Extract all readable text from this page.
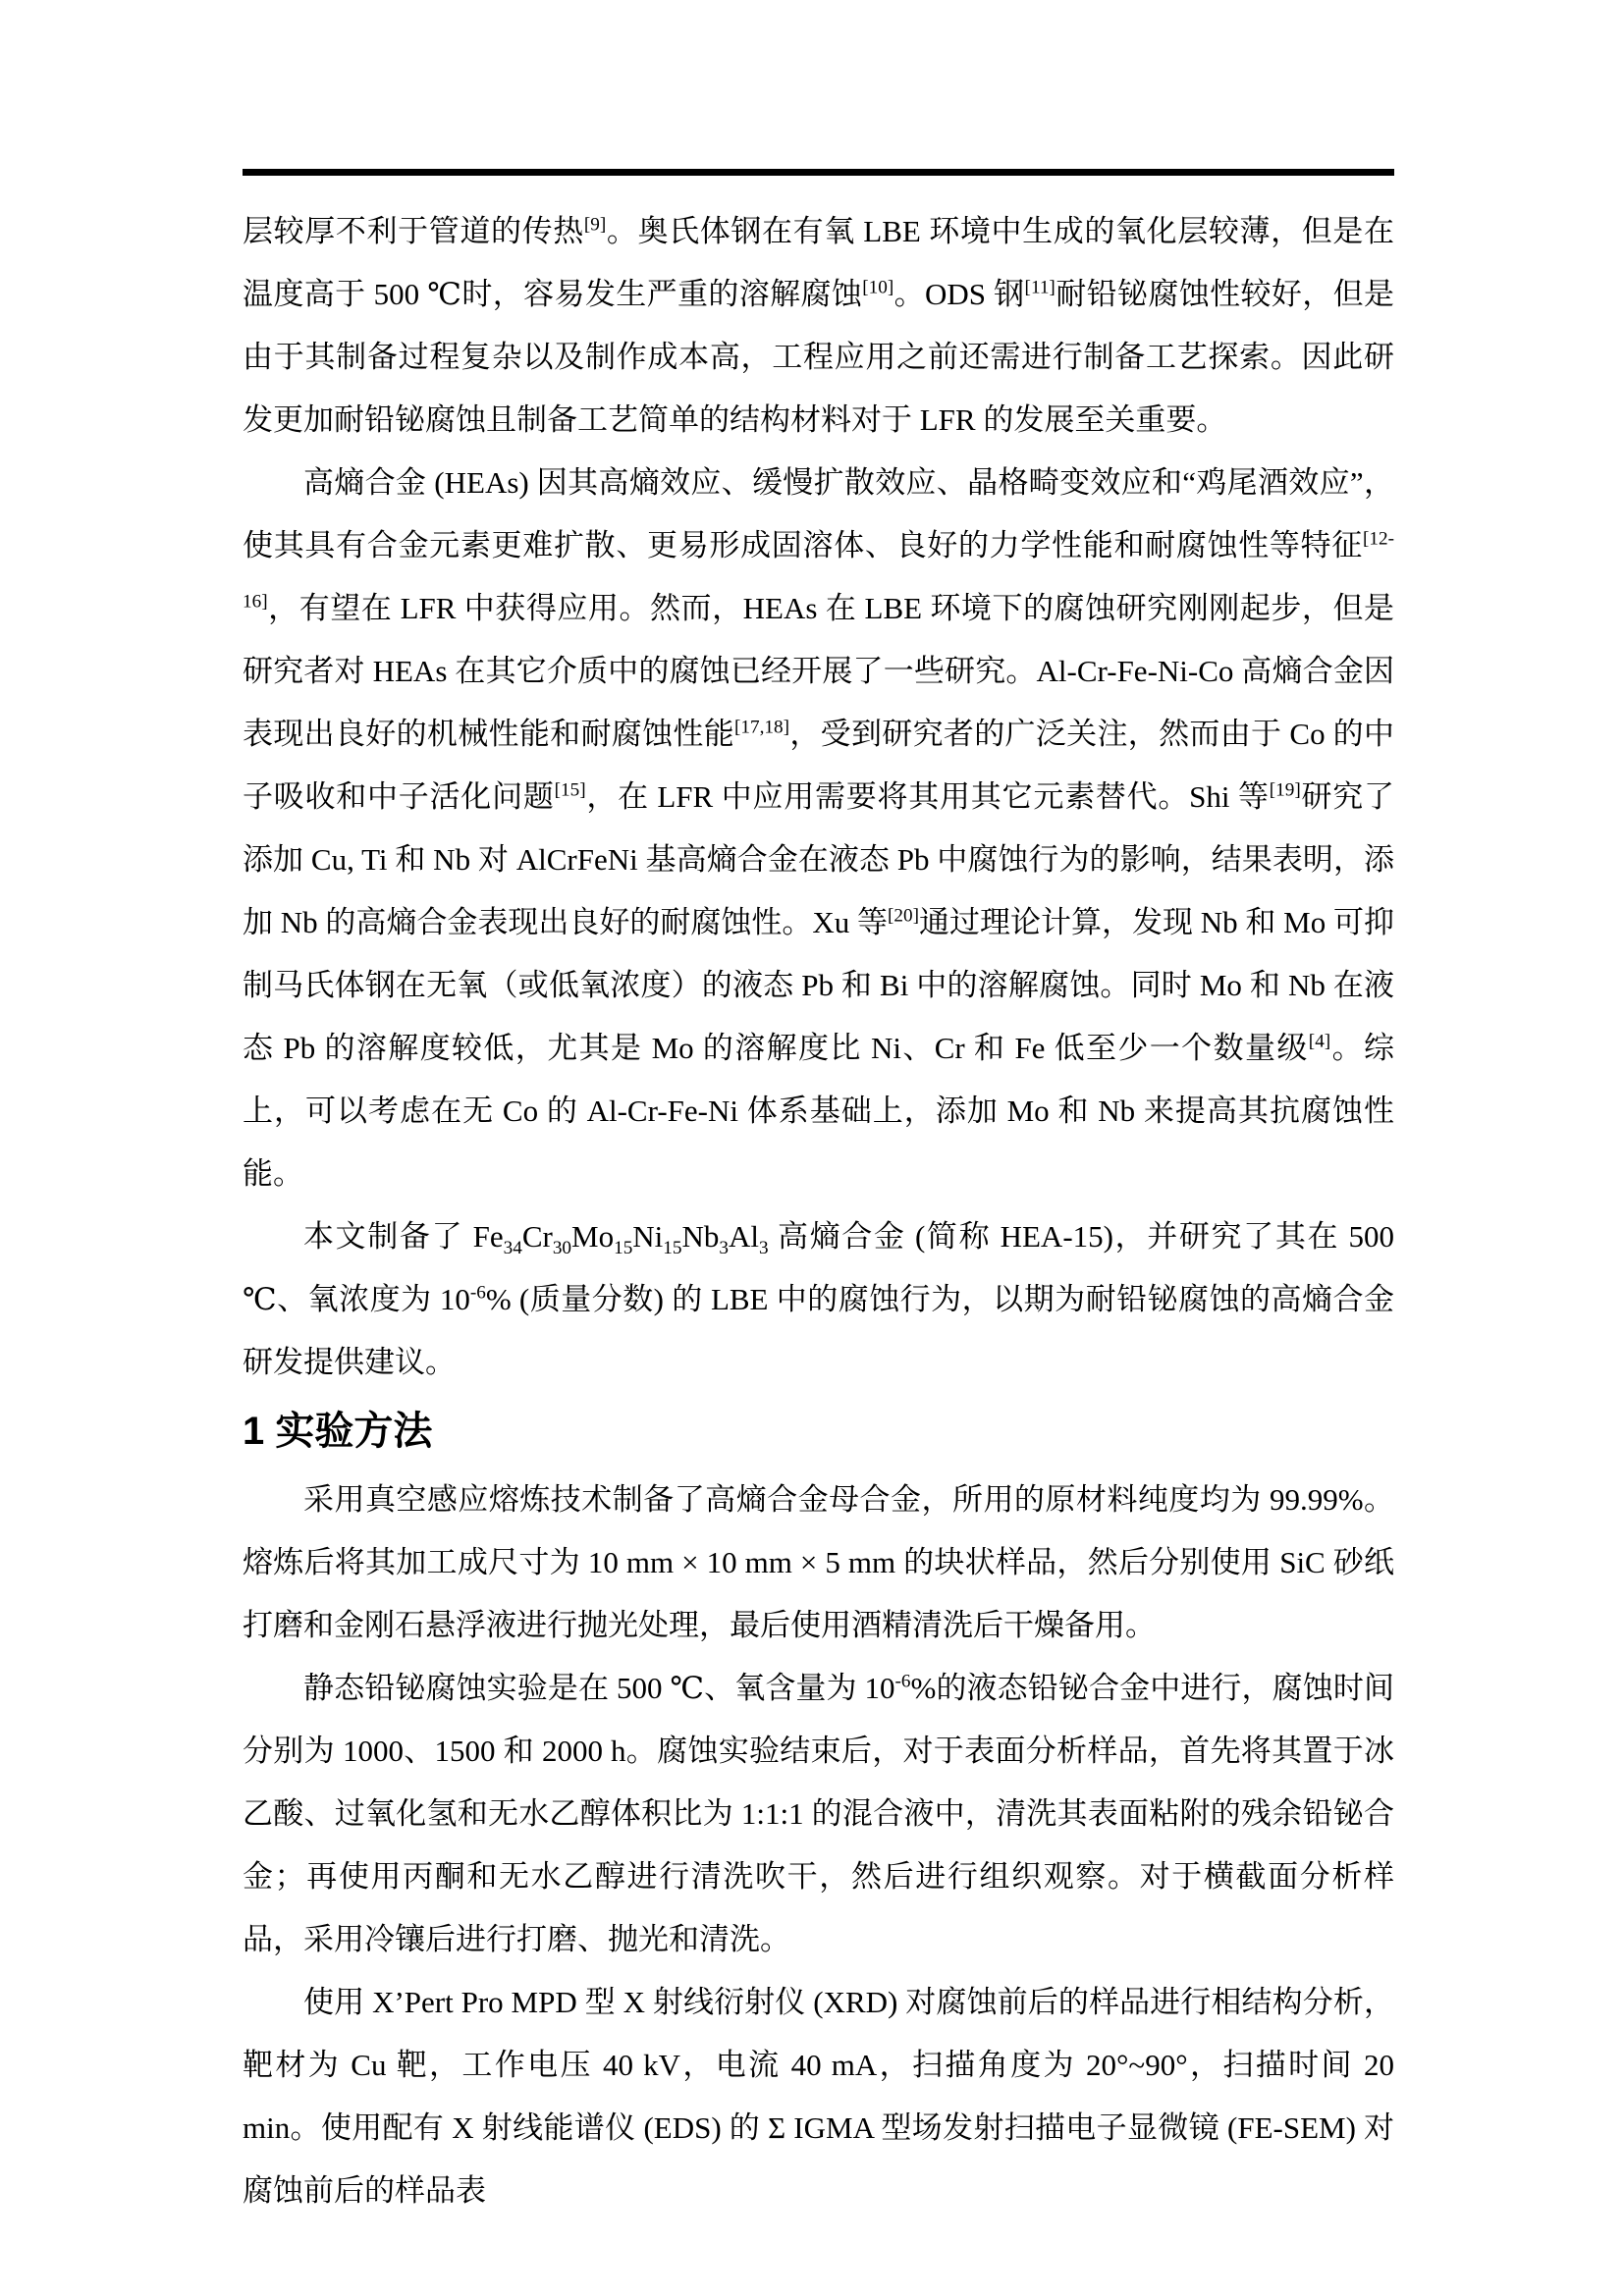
层较厚不利于管道的传热[9]。奥氏体钢在有氧 LBE 环境中生成的氧化层较薄，但是在温度高于 500 ℃时，容易发生严重的溶解腐蚀[10]。ODS 钢[11]耐铅铋腐蚀性较好，但是由于其制备过程复杂以及制作成本高，工程应用之前还需进行制备工艺探索。因此研发更加耐铅铋腐蚀且制备工艺简单的结构材料对于 LFR 的发展至关重要。

高熵合金 (HEAs) 因其高熵效应、缓慢扩散效应、晶格畸变效应和“鸡尾酒效应”，使其具有合金元素更难扩散、更易形成固溶体、良好的力学性能和耐腐蚀性等特征[12-16]，有望在 LFR 中获得应用。然而，HEAs 在 LBE 环境下的腐蚀研究刚刚起步，但是研究者对 HEAs 在其它介质中的腐蚀已经开展了一些研究。Al-Cr-Fe-Ni-Co 高熵合金因表现出良好的机械性能和耐腐蚀性能[17,18]，受到研究者的广泛关注，然而由于 Co 的中子吸收和中子活化问题[15]，在 LFR 中应用需要将其用其它元素替代。Shi 等[19]研究了添加 Cu, Ti 和 Nb 对 AlCrFeNi 基高熵合金在液态 Pb 中腐蚀行为的影响，结果表明，添加 Nb 的高熵合金表现出良好的耐腐蚀性。Xu 等[20]通过理论计算，发现 Nb 和 Mo 可抑制马氏体钢在无氧（或低氧浓度）的液态 Pb 和 Bi 中的溶解腐蚀。同时 Mo 和 Nb 在液态 Pb 的溶解度较低，尤其是 Mo 的溶解度比 Ni、Cr 和 Fe 低至少一个数量级[4]。综上，可以考虑在无 Co 的 Al-Cr-Fe-Ni 体系基础上，添加 Mo 和 Nb 来提高其抗腐蚀性能。

本文制备了 $Fe_{34}Cr_{30}Mo_{15}Ni_{15}Nb_3Al_3$ 高熵合金 (简称 HEA-15)，并研究了其在 500 ℃、氧浓度为 $10^{-6}\%$ (质量分数) 的 LBE 中的腐蚀行为，以期为耐铅铋腐蚀的高熵合金研发提供建议。

1 实验方法

采用真空感应熔炼技术制备了高熵合金母合金，所用的原材料纯度均为 99.99%。熔炼后将其加工成尺寸为 10 mm × 10 mm × 5 mm 的块状样品，然后分别使用 SiC 砂纸打磨和金刚石悬浮液进行抛光处理，最后使用酒精清洗后干燥备用。

静态铅铋腐蚀实验是在 500 ℃、氧含量为 $10^{-6}\%$的液态铅铋合金中进行，腐蚀时间分别为 1000、1500 和 2000 h。腐蚀实验结束后，对于表面分析样品，首先将其置于冰乙酸、过氧化氢和无水乙醇体积比为 1:1:1 的混合液中，清洗其表面粘附的残余铅铋合金；再使用丙酮和无水乙醇进行清洗吹干，然后进行组织观察。对于横截面分析样品，采用冷镶后进行打磨、抛光和清洗。

使用 X’Pert Pro MPD 型 X 射线衍射仪 (XRD) 对腐蚀前后的样品进行相结构分析，靶材为 Cu 靶，工作电压 40 kV，电流 40 mA，扫描角度为 20°~90°，扫描时间 20 min。使用配有 X 射线能谱仪 (EDS) 的 Σ IGMA 型场发射扫描电子显微镜 (FE-SEM) 对腐蚀前后的样品表
